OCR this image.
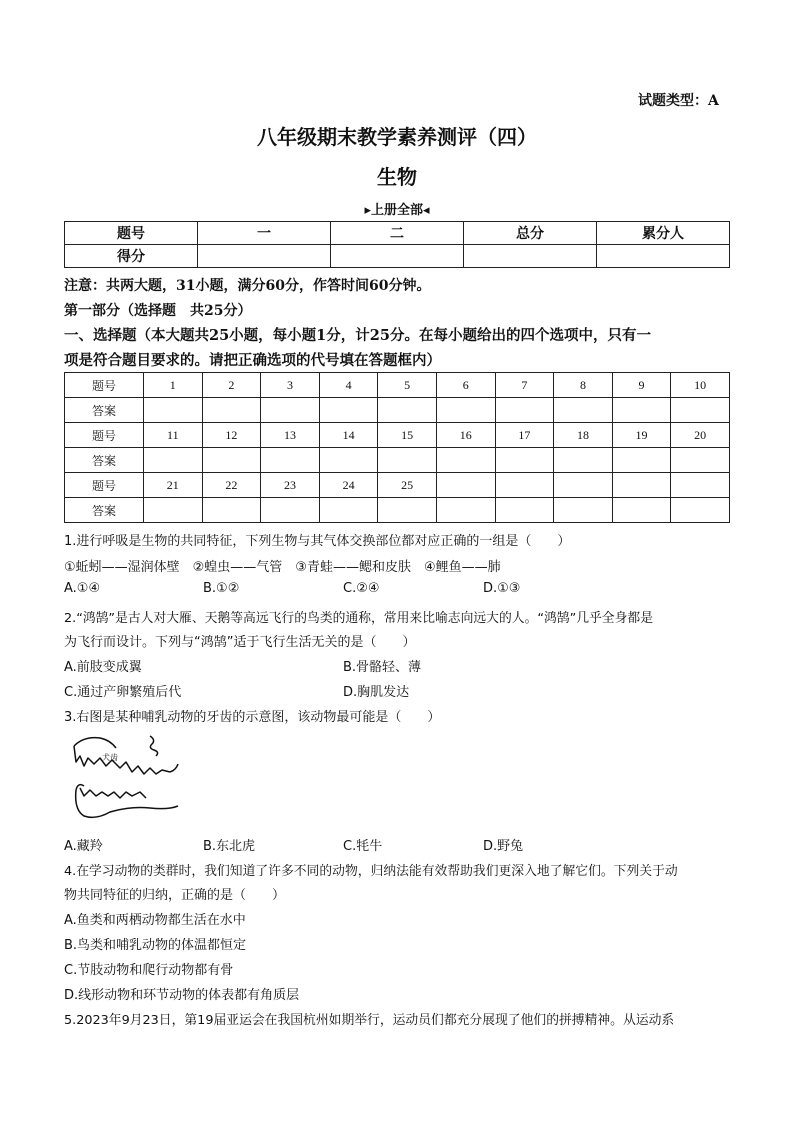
试题类型：A
八年级期末教学素养测评（四）
生物
▸上册全部◂
题号	一	二	总分	累分人
得分				
注意：共两大题，31小题，满分60分，作答时间60分钟。
第一部分（选择题　共25分）
一、选择题（本大题共25小题，每小题1分，计25分。在每小题给出的四个选项中，只有一
项是符合题目要求的。请把正确选项的代号填在答题框内）
题号	1	2	3	4	5	6	7	8	9	10
答案										
题号	11	12	13	14	15	16	17	18	19	20
答案										
题号	21	22	23	24	25					
答案										
1.进行呼吸是生物的共同特征，下列生物与其气体交换部位都对应正确的一组是（　　）
①蚯蚓——湿润体壁　②蝗虫——气管　③青蛙——鳃和皮肤　④鲤鱼——肺
A.①④	B.①②	C.②④	D.①③
2.“鸿鹄”是古人对大雁、天鹅等高远飞行的鸟类的通称，常用来比喻志向远大的人。“鸿鹄”几乎全身都是
为飞行而设计。下列与“鸿鹄”适于飞行生活无关的是（　　）
A.前肢变成翼	B.骨骼轻、薄
C.通过产卵繁殖后代	D.胸肌发达
3.右图是某种哺乳动物的牙齿的示意图，该动物最可能是（　　）
犬齿
A.藏羚	B.东北虎	C.牦牛	D.野兔
4.在学习动物的类群时，我们知道了许多不同的动物，归纳法能有效帮助我们更深入地了解它们。下列关于动
物共同特征的归纳，正确的是（　　）
A.鱼类和两栖动物都生活在水中
B.鸟类和哺乳动物的体温都恒定
C.节肢动物和爬行动物都有骨
D.线形动物和环节动物的体表都有角质层
5.2023年9月23日，第19届亚运会在我国杭州如期举行，运动员们都充分展现了他们的拼搏精神。从运动系
